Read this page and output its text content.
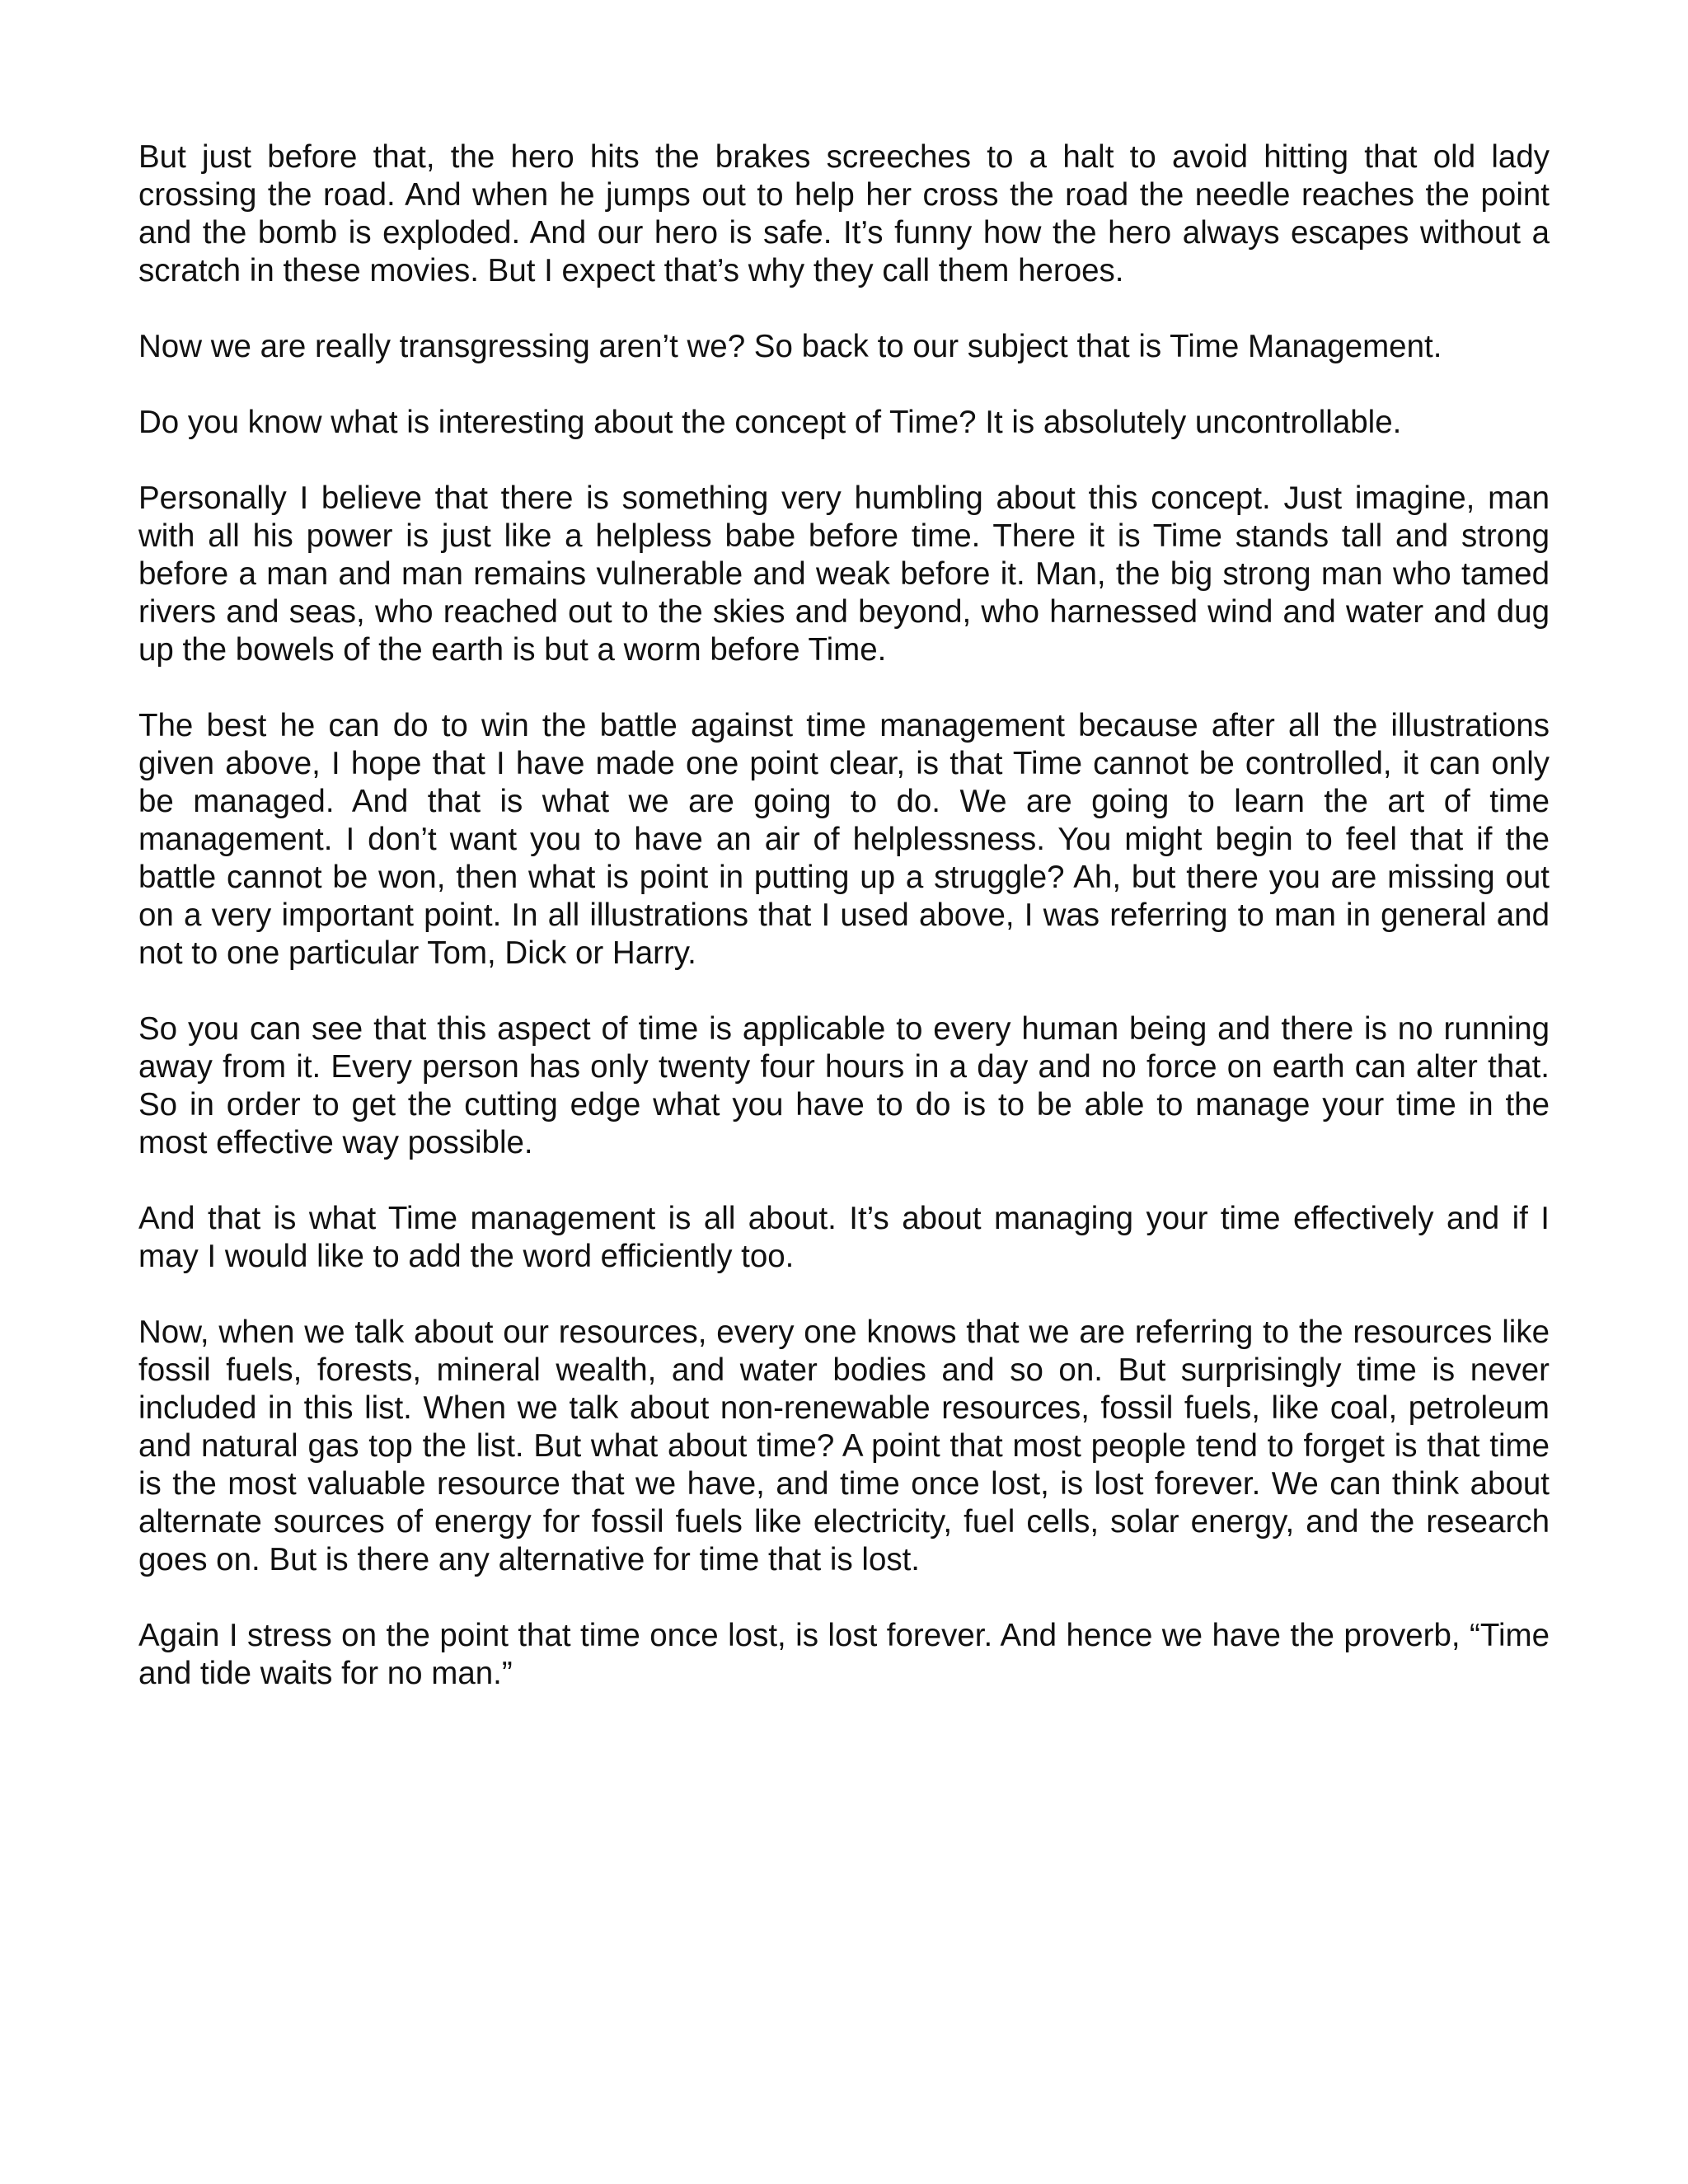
But just before that, the hero hits the brakes screeches to a halt to avoid hitting that old lady crossing the road. And when he jumps out to help her cross the road the needle reaches the point and the bomb is exploded. And our hero is safe. It’s funny how the hero always escapes without a scratch in these movies. But I expect that’s why they call them heroes.

Now we are really transgressing aren’t we? So back to our subject that is Time Management.

Do you know what is interesting about the concept of Time? It is absolutely uncontrollable.

Personally I believe that there is something very humbling about this concept. Just imagine, man with all his power is just like a helpless babe before time. There it is Time stands tall and strong before a man and man remains vulnerable and weak before it. Man, the big strong man who tamed rivers and seas, who reached out to the skies and beyond, who harnessed wind and water and dug up the bowels of the earth is but a worm before Time.

The best he can do to win the battle against time management because after all the illustrations given above, I hope that I have made one point clear, is that Time cannot be controlled, it can only be managed. And that is what we are going to do. We are going to learn the art of time management. I don’t want you to have an air of helplessness. You might begin to feel that if the battle cannot be won, then what is point in putting up a struggle? Ah, but there you are missing out on a very important point. In all illustrations that I used above, I was referring to man in general and not to one particular Tom, Dick or Harry.

So you can see that this aspect of time is applicable to every human being and there is no running away from it. Every person has only twenty four hours in a day and no force on earth can alter that. So in order to get the cutting edge what you have to do is to be able to manage your time in the most effective way possible.

And that is what Time management is all about. It’s about managing your time effectively and if I may I would like to add the word efficiently too.

Now, when we talk about our resources, every one knows that we are referring to the resources like fossil fuels, forests, mineral wealth, and water bodies and so on. But surprisingly time is never included in this list. When we talk about non-renewable resources, fossil fuels, like coal, petroleum and natural gas top the list. But what about time? A point that most people tend to forget is that time is the most valuable resource that we have, and time once lost, is lost forever. We can think about alternate sources of energy for fossil fuels like electricity, fuel cells, solar energy, and the research goes on. But is there any alternative for time that is lost.

Again I stress on the point that time once lost, is lost forever. And hence we have the proverb, “Time and tide waits for no man.”
